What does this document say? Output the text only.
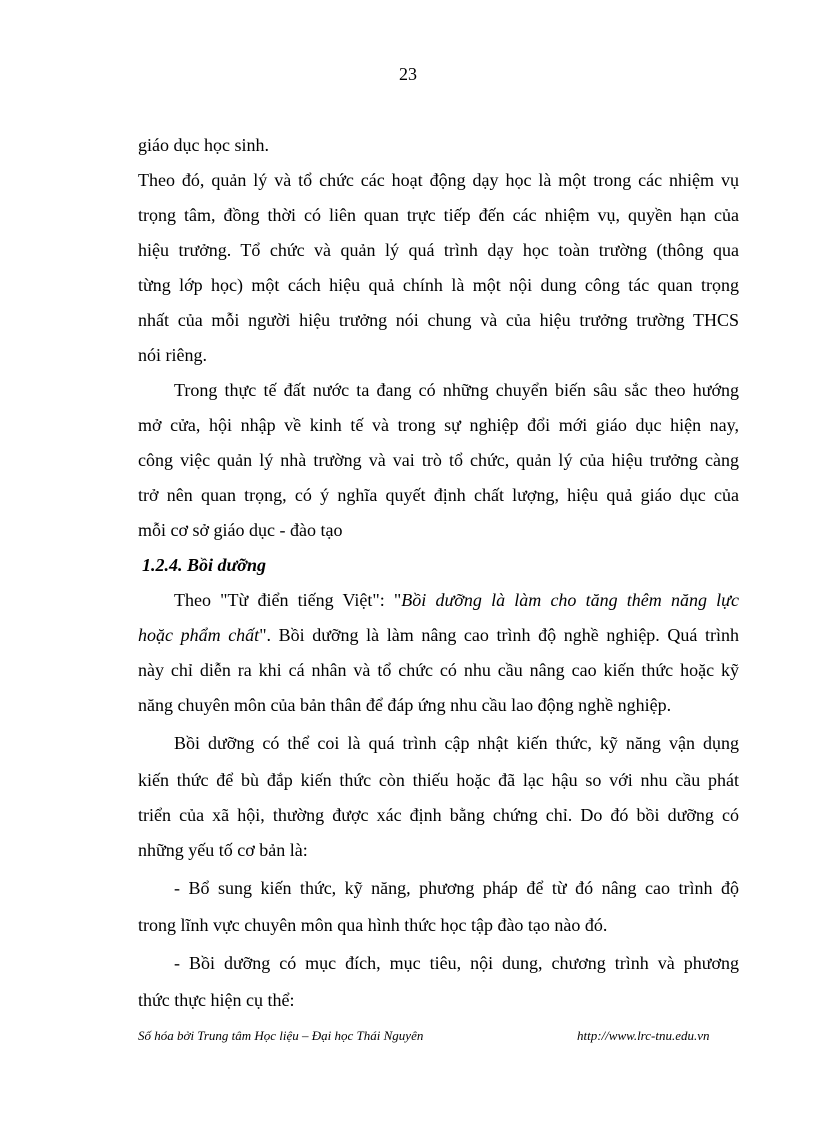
23
giáo dục học sinh.
Theo đó, quản lý và tổ chức các hoạt động dạy học là một trong các nhiệm vụ
trọng tâm, đồng thời có liên quan trực tiếp đến các nhiệm vụ, quyền hạn của
hiệu trưởng. Tổ chức và quản lý quá trình dạy học toàn trường (thông qua
từng lớp học) một cách hiệu quả chính là một nội dung công tác quan trọng
nhất của mỗi người hiệu trưởng nói chung và của hiệu trưởng trường THCS
nói riêng.
Trong thực tế đất nước ta đang có những chuyển biến sâu sắc theo hướng
mở cửa, hội nhập về kinh tế và trong sự nghiệp đổi mới giáo dục hiện nay,
công việc quản lý nhà trường và vai trò tổ chức, quản lý của hiệu trưởng càng
trở nên quan trọng, có ý nghĩa quyết định chất lượng, hiệu quả giáo dục của
mỗi cơ sở giáo dục - đào tạo
1.2.4. Bồi dưỡng
Theo "Từ điển tiếng Việt": "Bồi dưỡng là làm cho tăng thêm năng lực
hoặc phẩm chất". Bồi dưỡng là làm nâng cao trình độ nghề nghiệp. Quá trình
này chỉ diễn ra khi cá nhân và tổ chức có nhu cầu nâng cao kiến thức hoặc kỹ
năng chuyên môn của bản thân để đáp ứng nhu cầu lao động nghề nghiệp.
Bồi dưỡng có thể coi là quá trình cập nhật kiến thức, kỹ năng vận dụng
kiến thức để bù đắp kiến thức còn thiếu hoặc đã lạc hậu so với nhu cầu phát
triển của xã hội, thường được xác định bằng chứng chỉ. Do đó bồi dưỡng có
những yếu tố cơ bản là:
- Bổ sung kiến thức, kỹ năng, phương pháp để từ đó nâng cao trình độ
trong lĩnh vực chuyên môn qua hình thức học tập đào tạo nào đó.
- Bồi dưỡng có mục đích, mục tiêu, nội dung, chương trình và phương
thức thực hiện cụ thể:
Số hóa bởi Trung tâm Học liệu – Đại học Thái Nguyên	http://www.lrc-tnu.edu.vn
